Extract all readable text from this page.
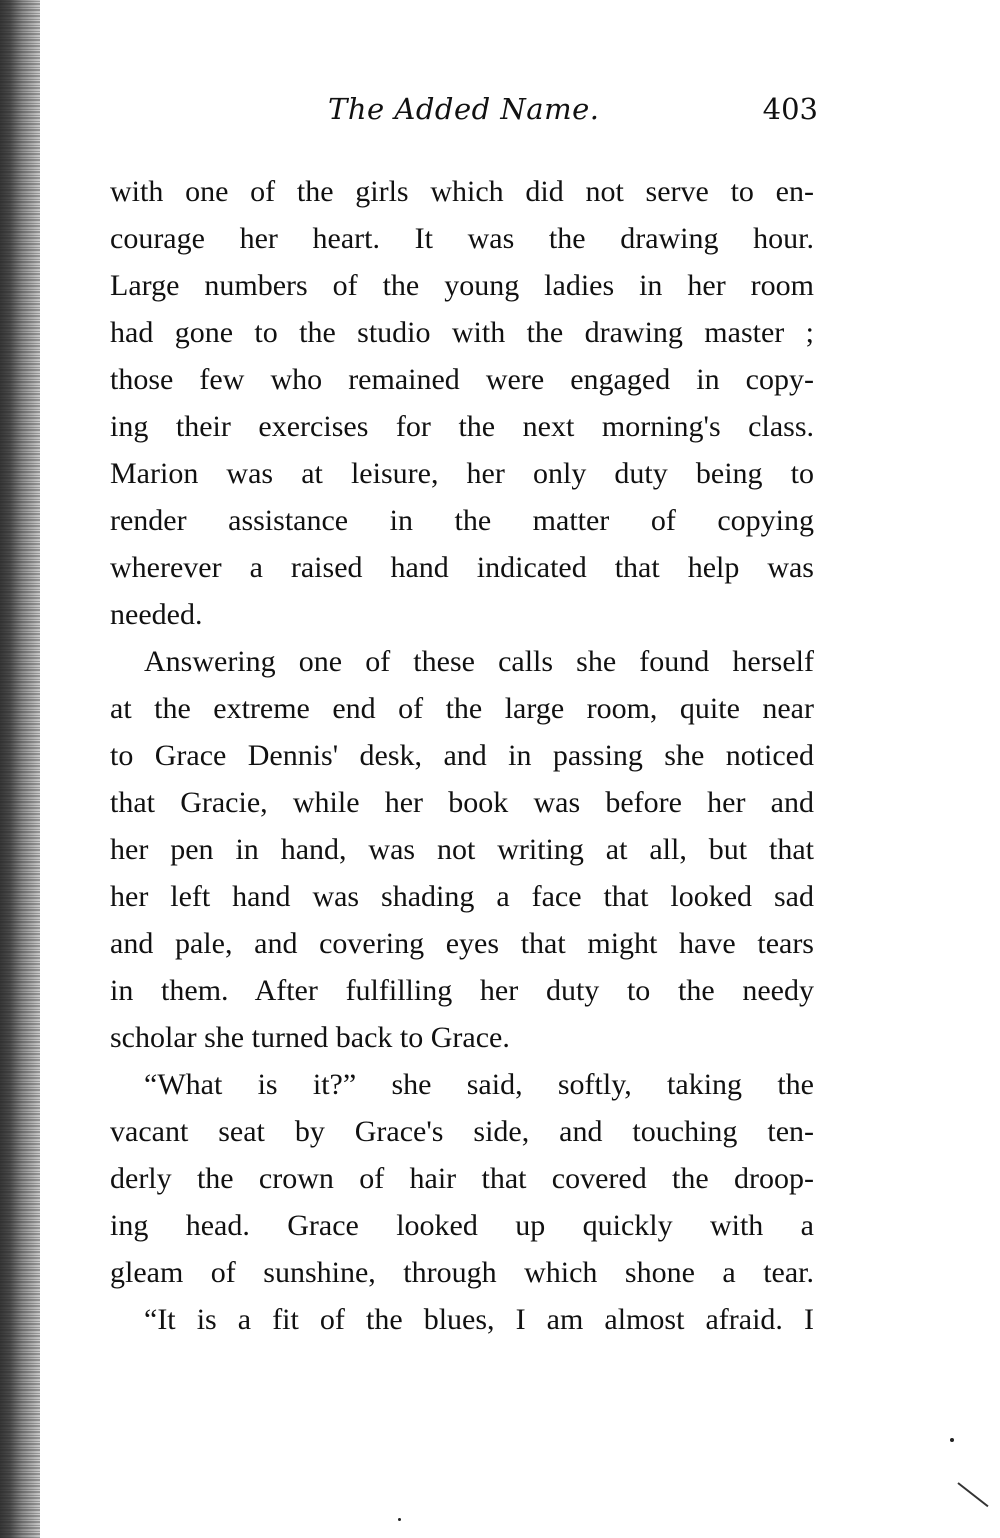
The Added Name.	403
with one of the girls which did not serve to en-
courage her heart. It was the drawing hour.
Large numbers of the young ladies in her room
had gone to the studio with the drawing master ;
those few who remained were engaged in copy-
ing their exercises for the next morning's class.
Marion was at leisure, her only duty being to
render assistance in the matter of copying
wherever a raised hand indicated that help was
needed.
Answering one of these calls she found herself
at the extreme end of the large room, quite near
to Grace Dennis' desk, and in passing she noticed
that Gracie, while her book was before her and
her pen in hand, was not writing at all, but that
her left hand was shading a face that looked sad
and pale, and covering eyes that might have tears
in them. After fulfilling her duty to the needy
scholar she turned back to Grace.
“What is it?” she said, softly, taking the
vacant seat by Grace's side, and touching ten-
derly the crown of hair that covered the droop-
ing head. Grace looked up quickly with a
gleam of sunshine, through which shone a tear.
“It is a fit of the blues, I am almost afraid. I
